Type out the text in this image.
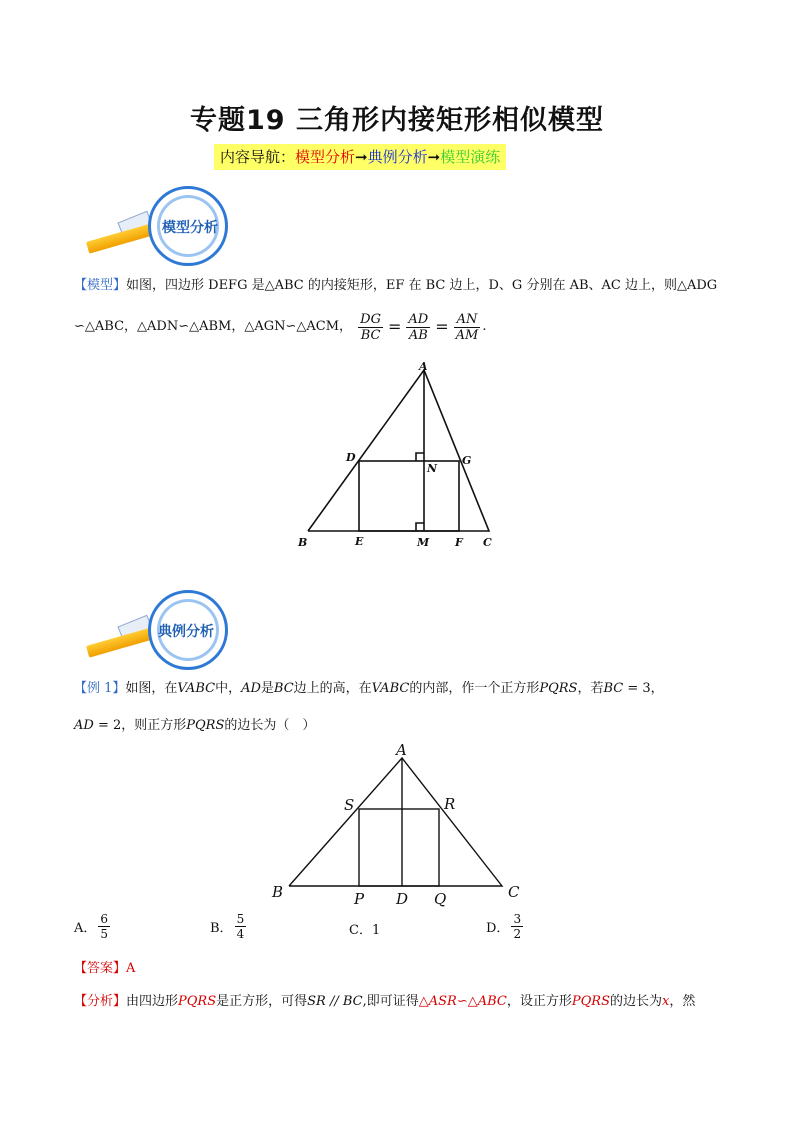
专题19 三角形内接矩形相似模型
内容导航：模型分析➞典例分析➞模型演练
模型分析
【模型】如图，四边形 DEFG 是△ABC 的内接矩形，EF 在 BC 边上，D、G 分别在 AB、AC 边上，则△ADG
∽△ABC，△ADN∽△ABM，△AGN∽△ACM， $\frac{DG}{BC} = \frac{AD}{AB} = \frac{AN}{AM}$ .
A
D
N
G
B	E	M F C
典例分析
【例 1】如图，在VABC中，AD是BC边上的高，在VABC的内部，作一个正方形PQRS，若BC = 3，
AD = 2，则正方形PQRS的边长为（　）
A
S	R
B	P D Q	C
A． $\frac{6}{5}$	B． $\frac{5}{4}$	C．1	D． $\frac{3}{2}$
【答案】A
【分析】由四边形PQRS是正方形，可得SR // BC,即可证得△ASR∽△ABC，设正方形PQRS的边长为x，然
